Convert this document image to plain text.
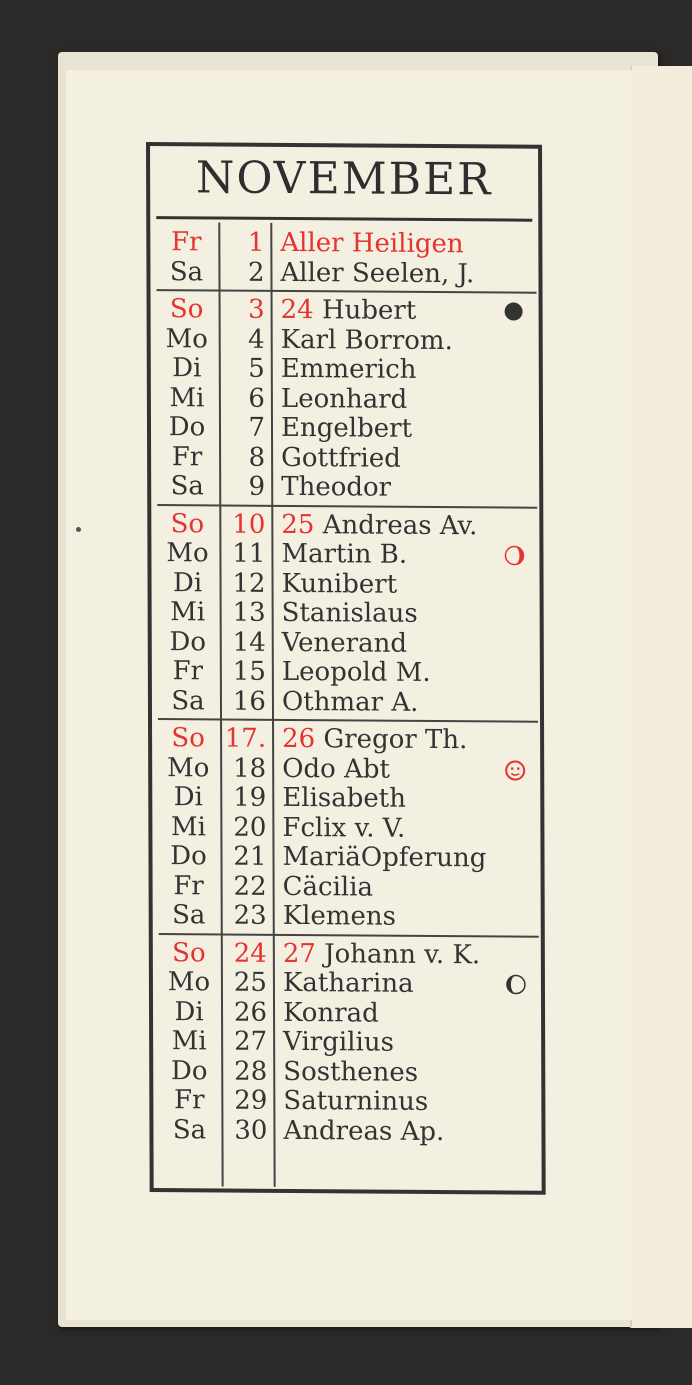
NOVEMBER
Fr	1 Aller Heiligen
Sa	2 Aller Seelen, J.
So	3 24 Hubert
Mo	4 Karl Borrom.
Di	5 Emmerich
Mi	6 Leonhard
Do	7 Engelbert
Fr	8 Gottfried
Sa	9 Theodor
So	10 25 Andreas Av.
Mo 11 Martin B.
Di	12 Kunibert
Mi	13 Stanislaus
Do	14 Venerand
Fr	15 Leopold M.
Sa	16 Othmar A.
So 17. 26 Gregor Th.
Mo 18 Odo Abt
Di	19 Elisabeth
Mi	20 Fclix v. V.
Do	21 MariäOpferung
Fr	22 Cäcilia
Sa	23 Klemens
So	24 27 Johann v. K.
Mo 25 Katharina
Di	26 Konrad
Mi	27 Virgilius
Do	28 Sosthenes
Fr	29 Saturninus
Sa	30 Andreas Ap.
